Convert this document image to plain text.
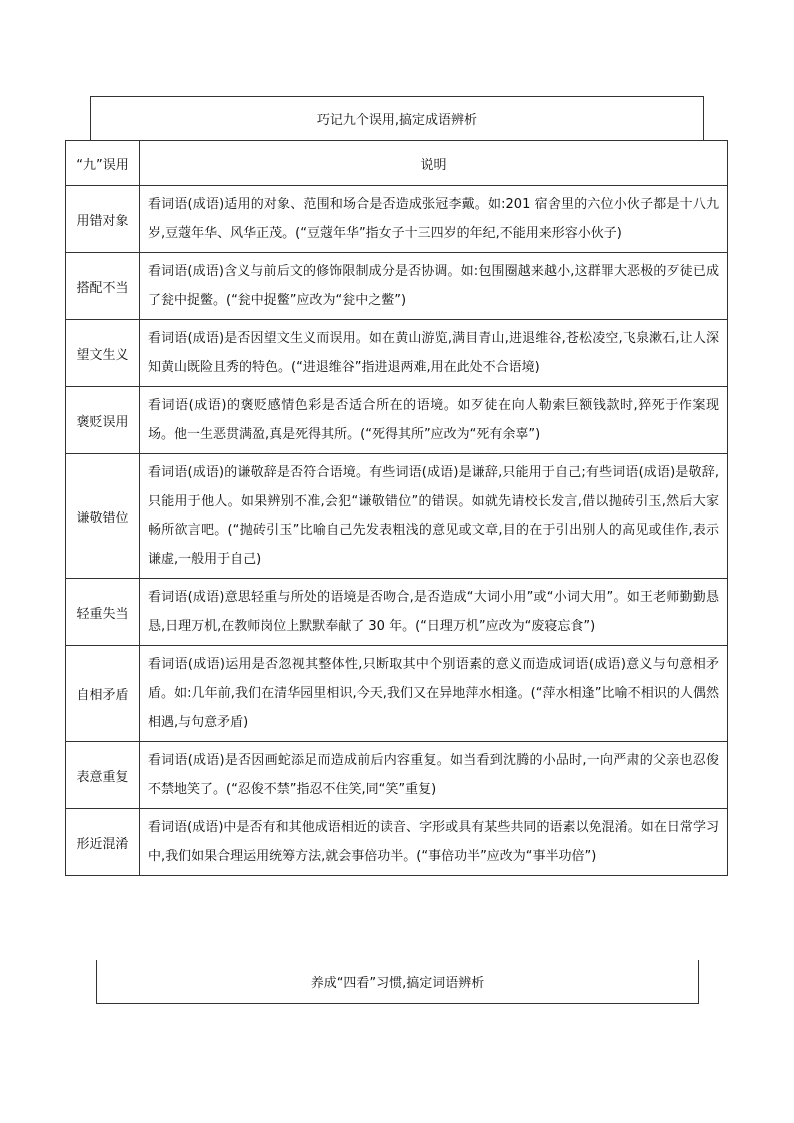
巧记九个误用,搞定成语辨析
“九”误用	说明
用错对象	看词语(成语)适用的对象、范围和场合是否造成张冠李戴。如:201 宿舍里的六位小伙子都是十八九岁,豆蔻年华、风华正茂。(“豆蔻年华”指女子十三四岁的年纪,不能用来形容小伙子)
搭配不当	看词语(成语)含义与前后文的修饰限制成分是否协调。如:包围圈越来越小,这群罪大恶极的歹徒已成了瓮中捉鳖。(“瓮中捉鳖”应改为“瓮中之鳖”)
望文生义	看词语(成语)是否因望文生义而误用。如在黄山游览,满目青山,进退维谷,苍松凌空,飞泉漱石,让人深知黄山既险且秀的特色。(“进退维谷”指进退两难,用在此处不合语境)
褒贬误用	看词语(成语)的褒贬感情色彩是否适合所在的语境。如歹徒在向人勒索巨额钱款时,猝死于作案现场。他一生恶贯满盈,真是死得其所。(“死得其所”应改为“死有余辜”)
谦敬错位	看词语(成语)的谦敬辞是否符合语境。有些词语(成语)是谦辞,只能用于自己;有些词语(成语)是敬辞,只能用于他人。如果辨别不准,会犯“谦敬错位”的错误。如就先请校长发言,借以抛砖引玉,然后大家畅所欲言吧。(“抛砖引玉”比喻自己先发表粗浅的意见或文章,目的在于引出别人的高见或佳作,表示谦虚,一般用于自己)
轻重失当	看词语(成语)意思轻重与所处的语境是否吻合,是否造成“大词小用”或“小词大用”。如王老师勤勤恳恳,日理万机,在教师岗位上默默奉献了 30 年。(“日理万机”应改为“废寝忘食”)
自相矛盾	看词语(成语)运用是否忽视其整体性,只断取其中个别语素的意义而造成词语(成语)意义与句意相矛盾。如:几年前,我们在清华园里相识,今天,我们又在异地萍水相逢。(“萍水相逢”比喻不相识的人偶然相遇,与句意矛盾)
表意重复	看词语(成语)是否因画蛇添足而造成前后内容重复。如当看到沈腾的小品时,一向严肃的父亲也忍俊不禁地笑了。(“忍俊不禁”指忍不住笑,同“笑”重复)
形近混淆	看词语(成语)中是否有和其他成语相近的读音、字形或具有某些共同的语素以免混淆。如在日常学习中,我们如果合理运用统筹方法,就会事倍功半。(“事倍功半”应改为“事半功倍”)
养成“四看”习惯,搞定词语辨析
